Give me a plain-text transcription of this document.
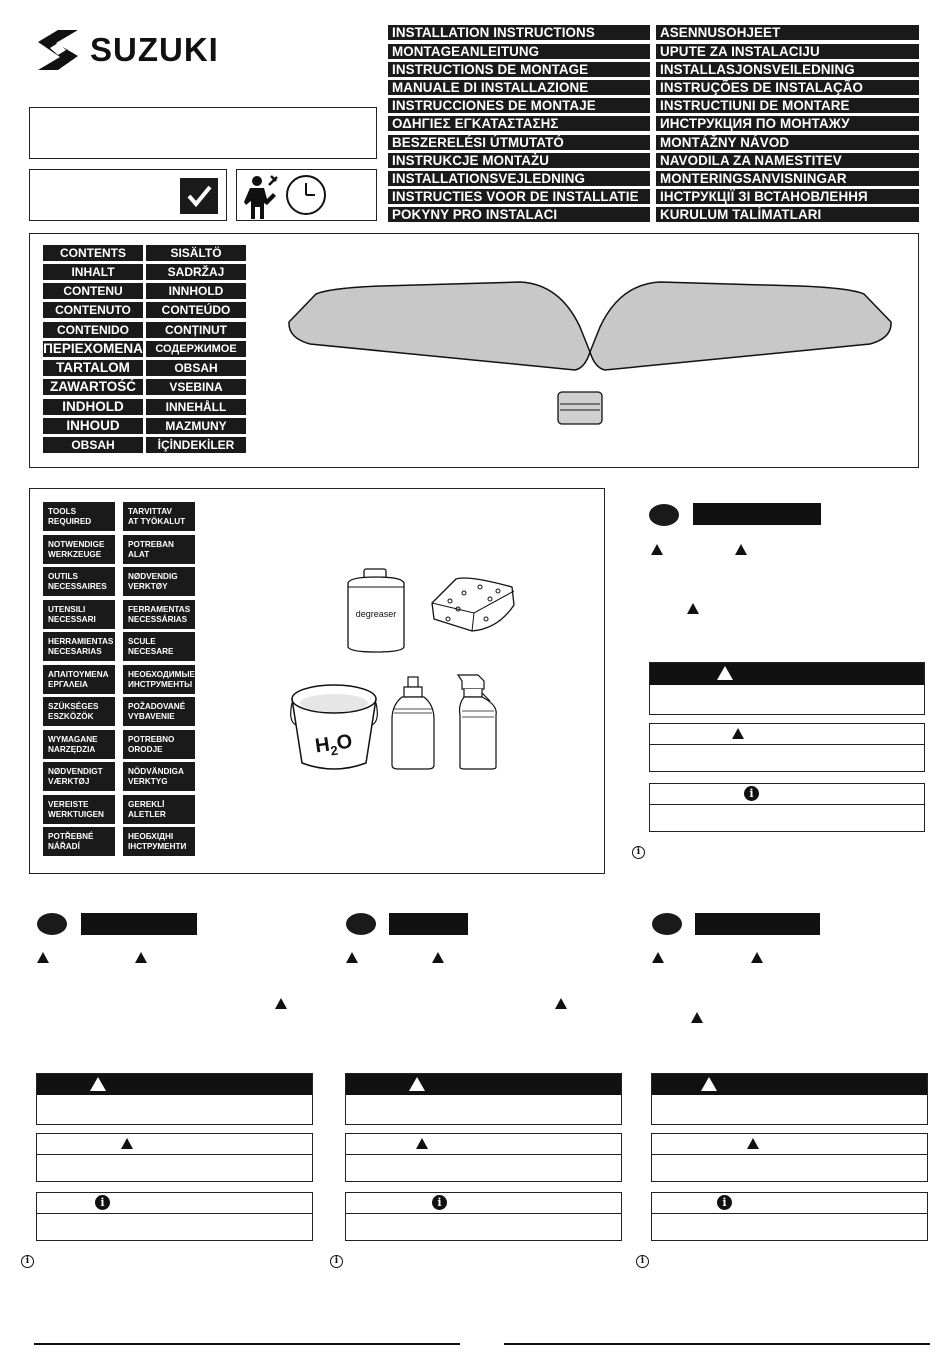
SUZUKI	INSTALLATION INSTRUCTIONS
MONTAGEANLEITUNG
INSTRUCTIONS DE MONTAGE
MANUALE DI INSTALLAZIONE
INSTRUCCIONES DE MONTAJE
ΟΔΗΓΙΕΣ ΕΓΚΑΤΑΣΤΑΣΗΣ
BESZERELÉSI ÚTMUTATÓ
INSTRUKCJE MONTAŻU
INSTALLATIONSVEJLEDNING
INSTRUCTIES VOOR DE INSTALLATIE
POKYNY PRO INSTALACI
ASENNUSOHJEET
UPUTE ZA INSTALACIJU
INSTALLASJONSVEILEDNING
INSTRUÇÕES DE INSTALAÇÃO
INSTRUCTIUNI DE MONTARE
ИНСТРУКЦИЯ ПО МОНТАЖУ
MONTÁŽNY NÁVOD
NAVODILA ZA NAMESTITEV
MONTERINGSANVISNINGAR
ІНСТРУКЦІЇ ЗІ ВСТАНОВЛЕННЯ
KURULUM TALİMATLARI
CONTENTS
INHALT
CONTENU
CONTENUTO
CONTENIDO
ΠΕΡΙΕΧΟΜΕΝΑ
TARTALOM
ZAWARTOŚĆ
INDHOLD
INHOUD
OBSAH
SISÄLTÖ
SADRŽAJ
INNHOLD
CONTEÚDO
CONȚINUT
СОДЕРЖИМОЕ
OBSAH
VSEBINA
INNEHÅLL
MAZMUNY
İÇİNDEKİLER
TOOLS
REQUIRED
NOTWENDIGE
WERKZEUGE
OUTILS
NECESSAIRES
UTENSILI
NECESSARI
HERRAMIENTAS
NECESARIAS
ΑΠΑΙΤΟΥΜΕΝΑ
ΕΡΓΑΛΕΙΑ
SZÜKSÉGES
ESZKÖZÖK
WYMAGANE
NARZĘDZIA
NØDVENDIGT
VÆRKTØJ
VEREISTE
WERKTUIGEN
POTŘEBNÉ
NÁŘADÍ
TARVITTAV
AT TYÖKALUT
POTREBAN
ALAT
NØDVENDIG
VERKTØY
FERRAMENTAS
NECESSÁRIAS
SCULE
NECESARE
НЕОБХОДИМЫЕ
ИНСТРУМЕНТЫ
POŽADOVANÉ
VYBAVENIE
POTREBNO
ORODJE
NÖDVÄNDIGA
VERKTYG
GEREKLİ
ALETLER
НЕОБХІДНІ
ІНСТРУМЕНТИ
degreaser
$H_2O$
i
i
i
i
i
i
i
i
